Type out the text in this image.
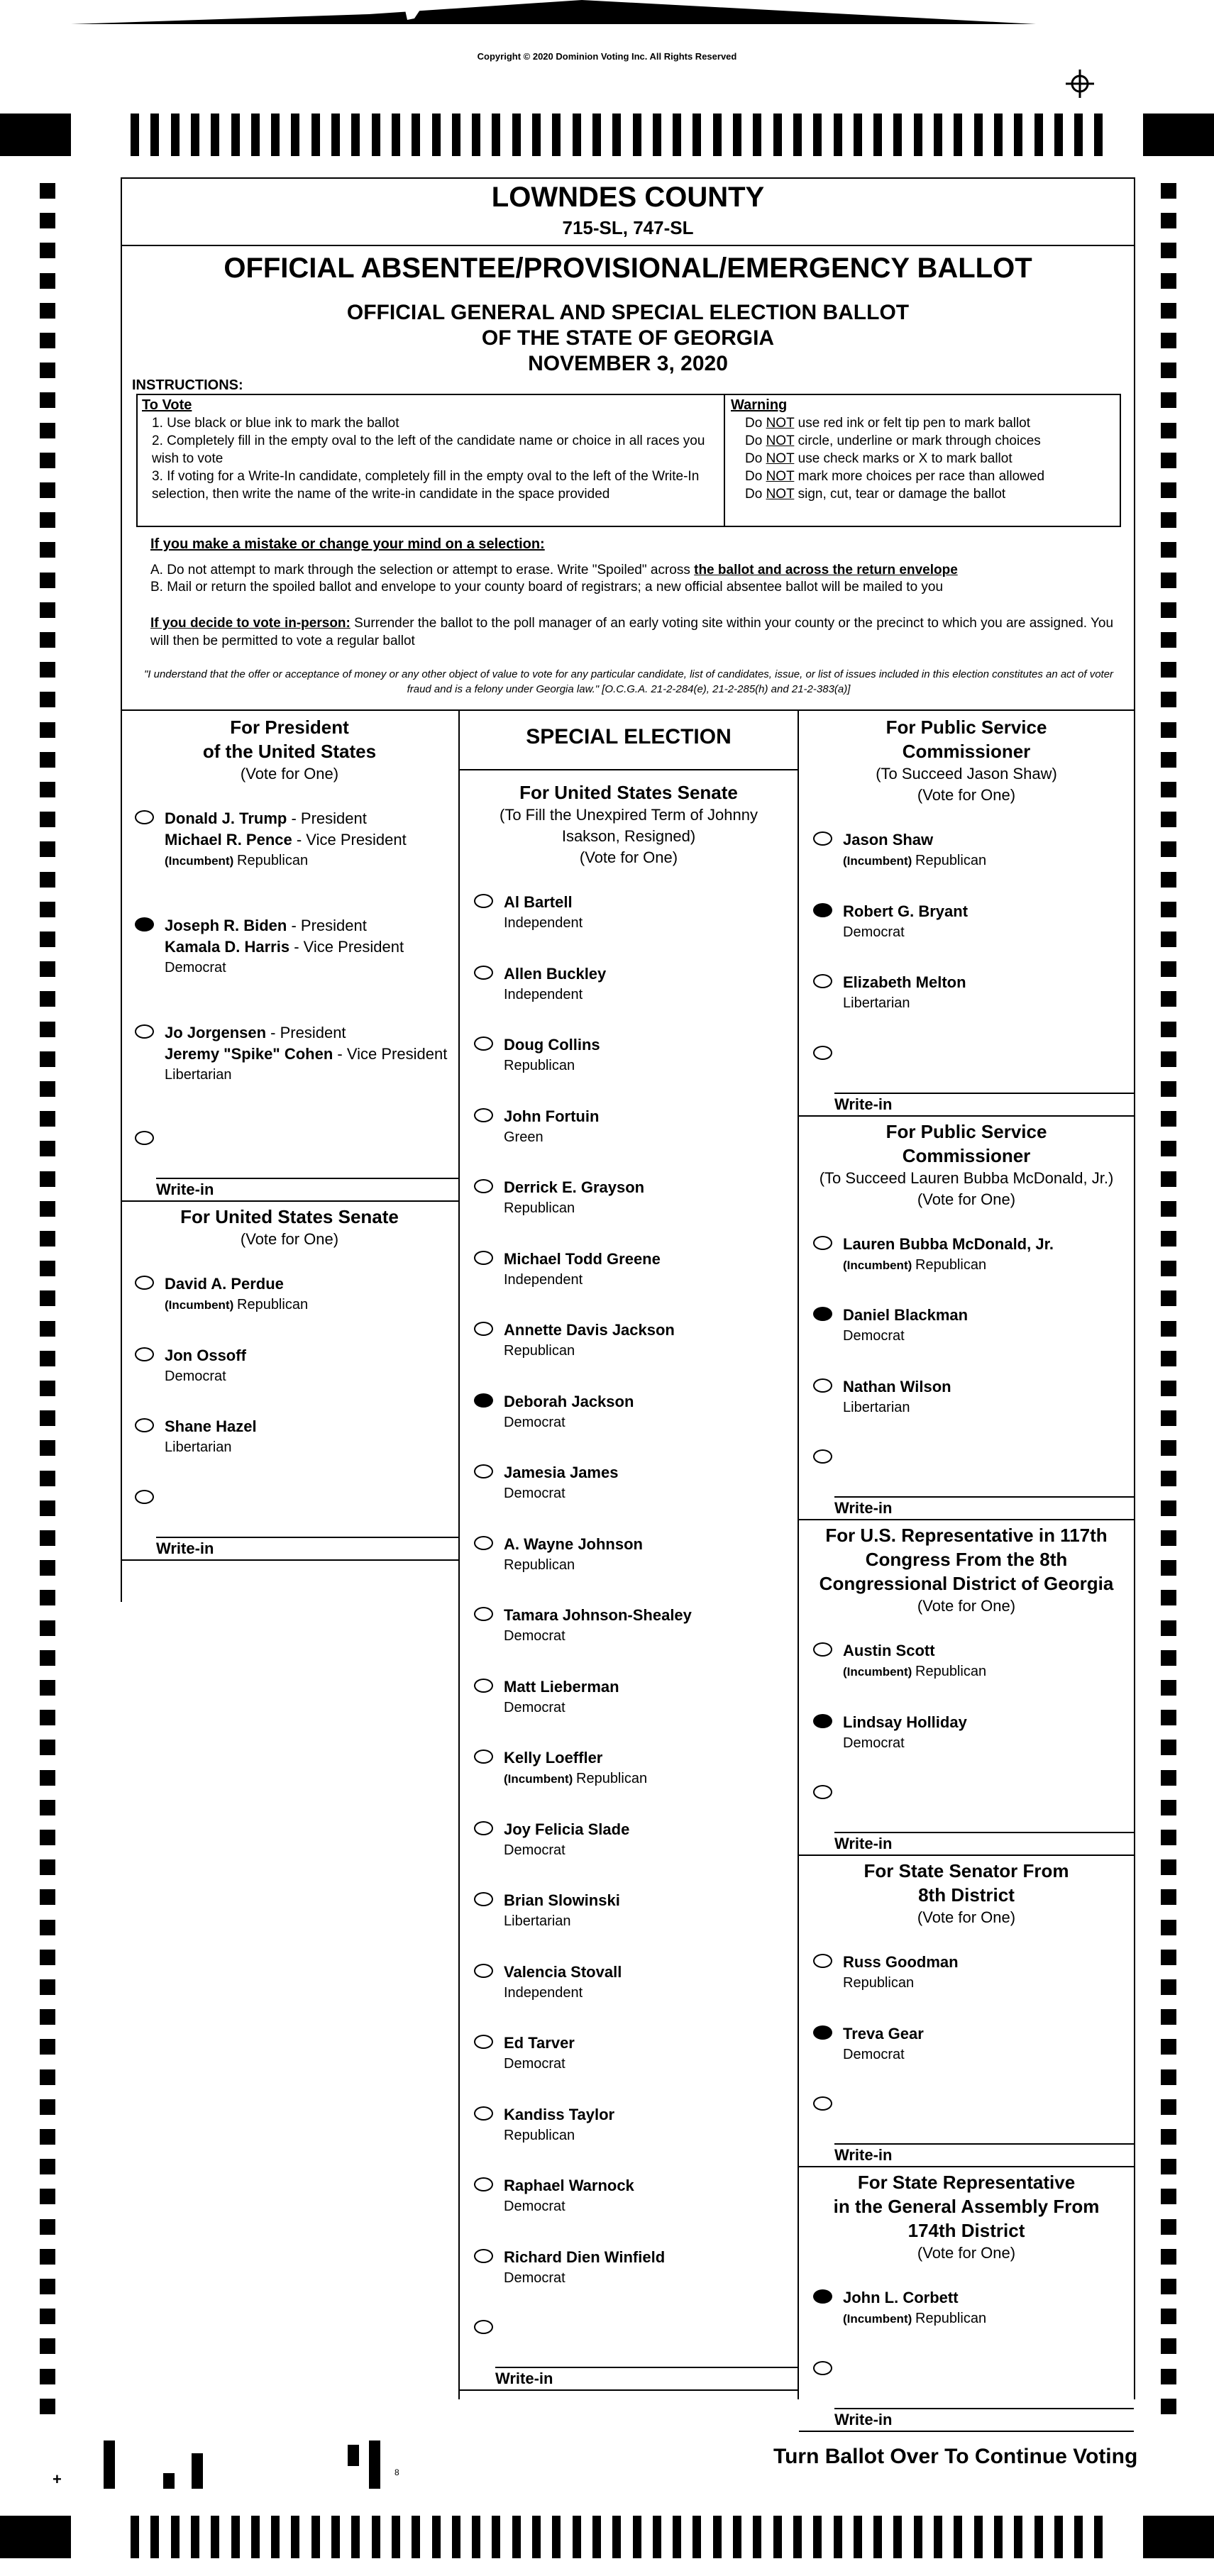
Copyright © 2020 Dominion Voting Inc. All Rights Reserved
LOWNDES COUNTY
715-SL, 747-SL
OFFICIAL ABSENTEE/PROVISIONAL/EMERGENCY BALLOT
OFFICIAL GENERAL AND SPECIAL ELECTION BALLOT
OF THE STATE OF GEORGIA
NOVEMBER 3, 2020
INSTRUCTIONS:
To Vote
1. Use black or blue ink to mark the ballot
2. Completely fill in the empty oval to the left of the candidate name or choice in all races you wish to vote
3. If voting for a Write-In candidate, completely fill in the empty oval to the left of the Write-In selection, then write the name of the write-in candidate in the space provided
Warning
Do NOT use red ink or felt tip pen to mark ballot
Do NOT circle, underline or mark through choices
Do NOT use check marks or X to mark ballot
Do NOT mark more choices per race than allowed
Do NOT sign, cut, tear or damage the ballot
If you make a mistake or change your mind on a selection:
A. Do not attempt to mark through the selection or attempt to erase. Write "Spoiled" across the ballot and across the return envelope
B. Mail or return the spoiled ballot and envelope to your county board of registrars; a new official absentee ballot will be mailed to you
If you decide to vote in-person: Surrender the ballot to the poll manager of an early voting site within your county or the precinct to which you are assigned. You will then be permitted to vote a regular ballot
"I understand that the offer or acceptance of money or any other object of value to vote for any particular candidate, list of candidates, issue, or list of issues included in this election constitutes an act of voter fraud and is a felony under Georgia law." [O.C.G.A. 21-2-284(e), 21-2-285(h) and 21-2-383(a)]
For President
of the United States
(Vote for One)
Donald J. Trump - President
Michael R. Pence - Vice President
(Incumbent) Republican
Joseph R. Biden - President
Kamala D. Harris - Vice President
Democrat
Jo Jorgensen - President
Jeremy "Spike" Cohen - Vice President
Libertarian
Write-in
For United States Senate
(Vote for One)
David A. Perdue
(Incumbent) Republican
Jon Ossoff
Democrat
Shane Hazel
Libertarian
Write-in
SPECIAL ELECTION
For United States Senate
(To Fill the Unexpired Term of Johnny
Isakson, Resigned)
(Vote for One)
Al Bartell
Independent
Allen Buckley
Independent
Doug Collins
Republican
John Fortuin
Green
Derrick E. Grayson
Republican
Michael Todd Greene
Independent
Annette Davis Jackson
Republican
Deborah Jackson
Democrat
Jamesia James
Democrat
A. Wayne Johnson
Republican
Tamara Johnson-Shealey
Democrat
Matt Lieberman
Democrat
Kelly Loeffler
(Incumbent) Republican
Joy Felicia Slade
Democrat
Brian Slowinski
Libertarian
Valencia Stovall
Independent
Ed Tarver
Democrat
Kandiss Taylor
Republican
Raphael Warnock
Democrat
Richard Dien Winfield
Democrat
Write-in
For Public Service
Commissioner
(To Succeed Jason Shaw)
(Vote for One)
Jason Shaw
(Incumbent) Republican
Robert G. Bryant
Democrat
Elizabeth Melton
Libertarian
Write-in
For Public Service
Commissioner
(To Succeed Lauren Bubba McDonald, Jr.)
(Vote for One)
Lauren Bubba McDonald, Jr.
(Incumbent) Republican
Daniel Blackman
Democrat
Nathan Wilson
Libertarian
Write-in
For U.S. Representative in 117th
Congress From the 8th
Congressional District of Georgia
(Vote for One)
Austin Scott
(Incumbent) Republican
Lindsay Holliday
Democrat
Write-in
For State Senator From
8th District
(Vote for One)
Russ Goodman
Republican
Treva Gear
Democrat
Write-in
For State Representative
in the General Assembly From
174th District
(Vote for One)
John L. Corbett
(Incumbent) Republican
Write-in
+	8
Turn Ballot Over To Continue Voting
